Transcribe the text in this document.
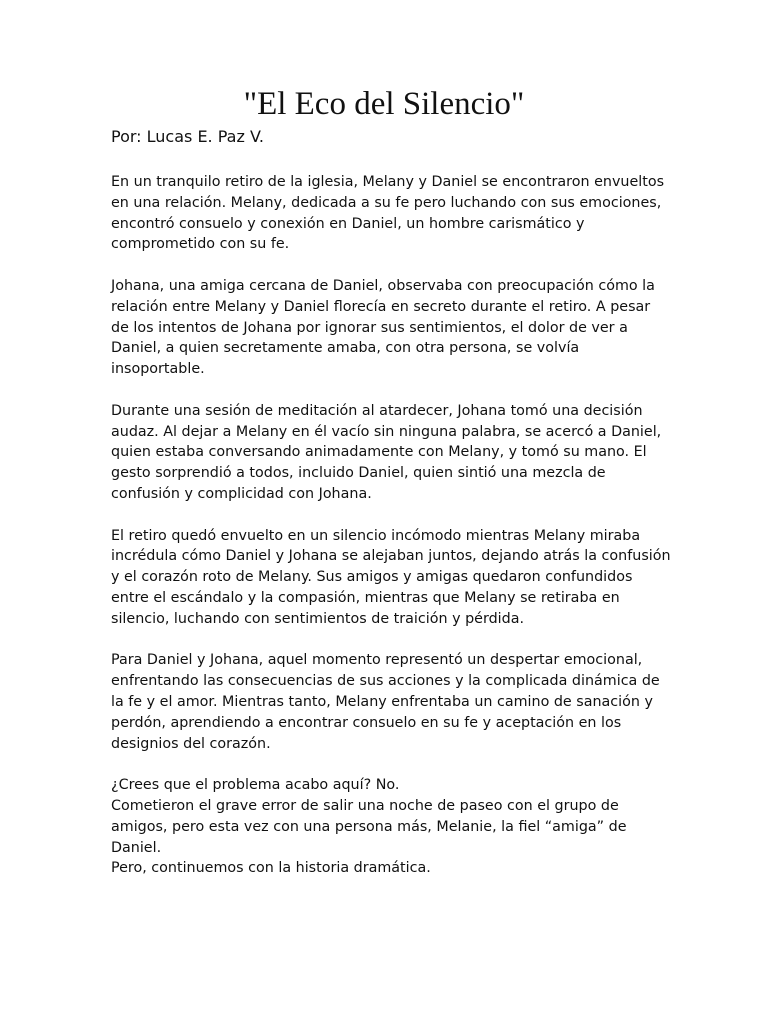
"El Eco del Silencio"

Por: Lucas E. Paz V.

En un tranquilo retiro de la iglesia, Melany y Daniel se encontraron envueltos en una relación. Melany, dedicada a su fe pero luchando con sus emociones, encontró consuelo y conexión en Daniel, un hombre carismático y comprometido con su fe.

Johana, una amiga cercana de Daniel, observaba con preocupación cómo la relación entre Melany y Daniel florecía en secreto durante el retiro. A pesar de los intentos de Johana por ignorar sus sentimientos, el dolor de ver a Daniel, a quien secretamente amaba, con otra persona, se volvía insoportable.

Durante una sesión de meditación al atardecer, Johana tomó una decisión audaz. Al dejar a Melany en él vacío sin ninguna palabra, se acercó a Daniel, quien estaba conversando animadamente con Melany, y tomó su mano. El gesto sorprendió a todos, incluido Daniel, quien sintió una mezcla de confusión y complicidad con Johana.

El retiro quedó envuelto en un silencio incómodo mientras Melany miraba incrédula cómo Daniel y Johana se alejaban juntos, dejando atrás la confusión y el corazón roto de Melany. Sus amigos y amigas quedaron confundidos entre el escándalo y la compasión, mientras que Melany se retiraba en silencio, luchando con sentimientos de traición y pérdida.

Para Daniel y Johana, aquel momento representó un despertar emocional, enfrentando las consecuencias de sus acciones y la complicada dinámica de la fe y el amor. Mientras tanto, Melany enfrentaba un camino de sanación y perdón, aprendiendo a encontrar consuelo en su fe y aceptación en los designios del corazón.

¿Crees que el problema acabo aquí? No.

Cometieron el grave error de salir una noche de paseo con el grupo de amigos, pero esta vez con una persona más, Melanie, la fiel “amiga” de Daniel.

Pero, continuemos con la historia dramática.
